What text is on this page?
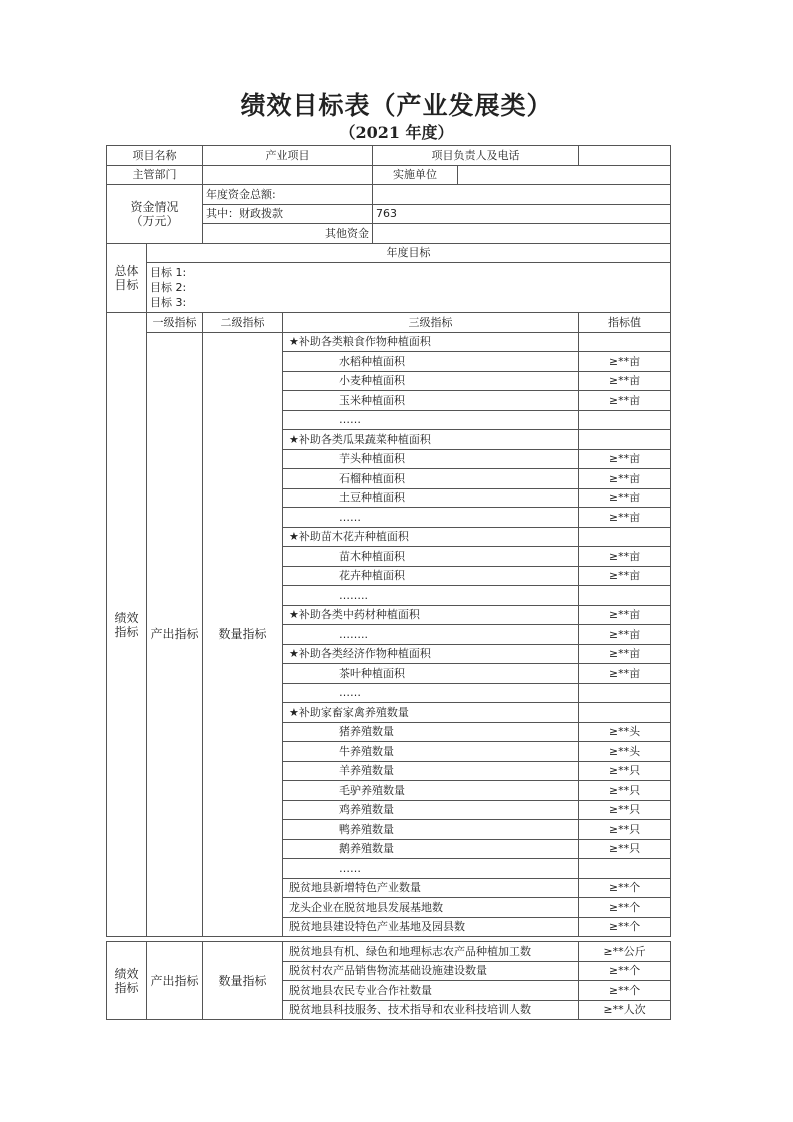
绩效目标表（产业发展类）
（2021 年度）
项目名称		产业项目		项目负责人及电话		
主管部门				实施单位		
资金情况
（万元）		年度资金总额:				
		其中：财政拨款		763		
		其他资金				
总体目标	年度目标					
	目标 1:
目标 2:
目标 3:					
绩效指标	一级指标	二级指标	三级指标			指标值
	产出指标	数量指标	★补助各类粮食作物种植面积			
			水稻种植面积			≥**亩
			小麦种植面积			≥**亩
			玉米种植面积			≥**亩
			……			
			★补助各类瓜果蔬菜种植面积			
			芋头种植面积			≥**亩
			石榴种植面积			≥**亩
			土豆种植面积			≥**亩
			……			≥**亩
			★补助苗木花卉种植面积			
			苗木种植面积			≥**亩
			花卉种植面积			≥**亩
			……..			
			★补助各类中药材种植面积			≥**亩
			……..			≥**亩
			★补助各类经济作物种植面积			≥**亩
			茶叶种植面积			≥**亩
			……			
			★补助家畜家禽养殖数量			
			猪养殖数量			≥**头
			牛养殖数量			≥**头
			羊养殖数量			≥**只
			毛驴养殖数量			≥**只
			鸡养殖数量			≥**只
			鸭养殖数量			≥**只
			鹅养殖数量			≥**只
			……			
			脱贫地县新增特色产业数量			≥**个
			龙头企业在脱贫地县发展基地数			≥**个
			脱贫地县建设特色产业基地及园县数			≥**个
绩效指标	产出指标	数量指标	脱贫地县有机、绿色和地理标志农产品种植加工数	≥**公斤
			脱贫村农产品销售物流基础设施建设数量	≥**个
			脱贫地县农民专业合作社数量	≥**个
			脱贫地县科技服务、技术指导和农业科技培训人数	≥**人次
